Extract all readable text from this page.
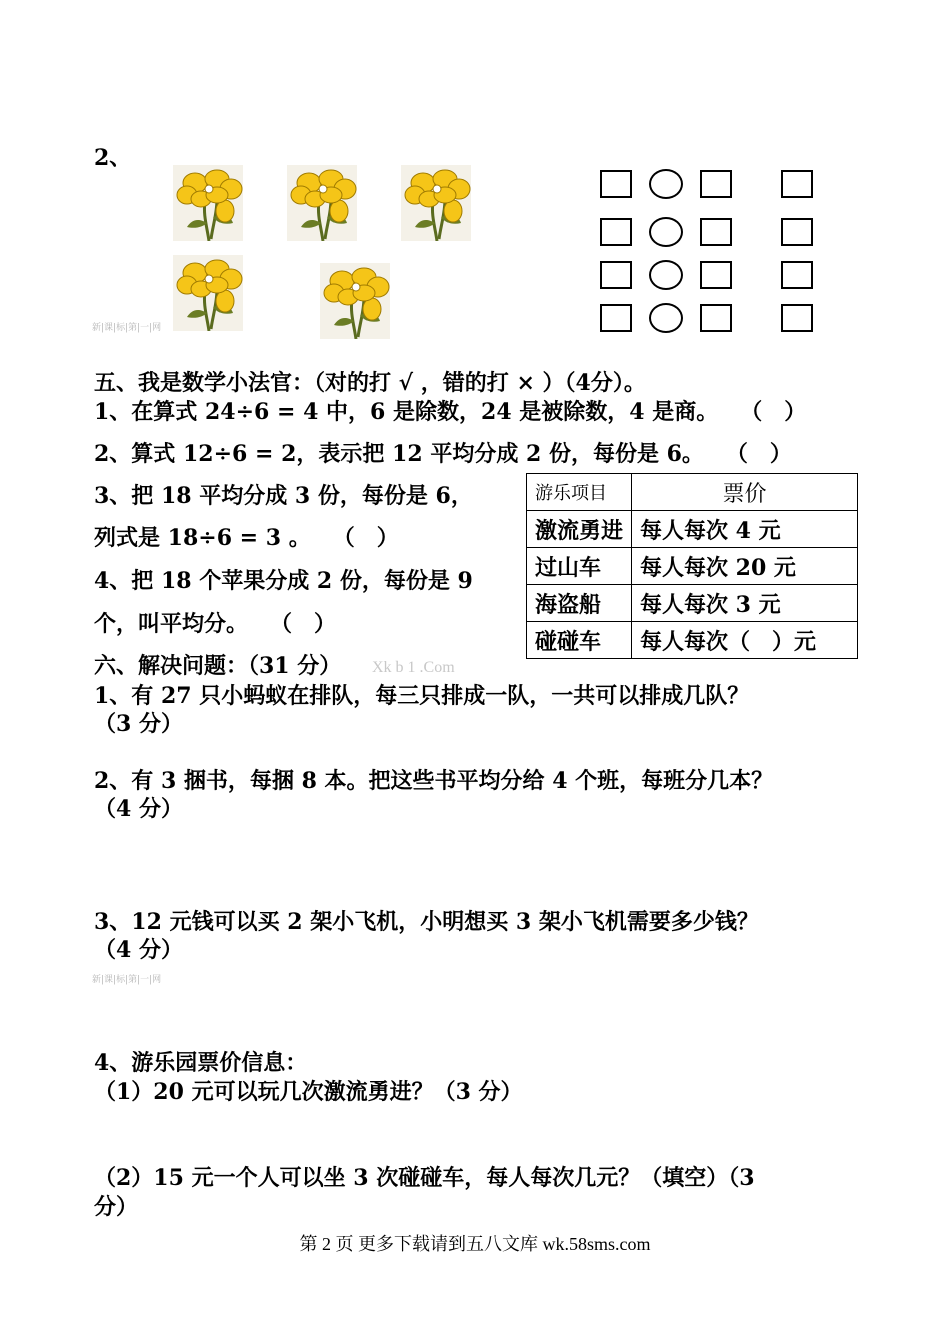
2、
新|课|标|第|一|网
五、我是数学小法官：（对的打 √ ，错的打 × ）（4分）。
1、在算式 24÷6 = 4 中，6 是除数，24 是被除数，4 是商。　　（　）
2、算式 12÷6 = 2，表示把 12 平均分成 2 份，每份是 6。　　（　）
3、把 18 平均分成 3 份，每份是 6，
列式是 18÷6 = 3 。　　（　）
4、把 18 个苹果分成 2 份，每份是 9
个，叫平均分。　　（　）
游乐项目	票价
激流勇进	每人每次 4 元
过山车	每人每次 20 元
海盗船	每人每次 3 元
碰碰车	每人每次（　）元
六、解决问题：（31 分） Xk b 1 .Com
1、有 27 只小蚂蚁在排队，每三只排成一队，一共可以排成几队？
（3 分）
2、有 3 捆书，每捆 8 本。把这些书平均分给 4 个班，每班分几本？
（4 分）
3、12 元钱可以买 2 架小飞机，小明想买 3 架小飞机需要多少钱？
（4 分）
新|课|标|第|一|网
4、游乐园票价信息：
（1）20 元可以玩几次激流勇进？（3 分）
（2）15 元一个人可以坐 3 次碰碰车，每人每次几元？（填空）（3
分）
第 2 页 更多下载请到五八文库 wk.58sms.com
